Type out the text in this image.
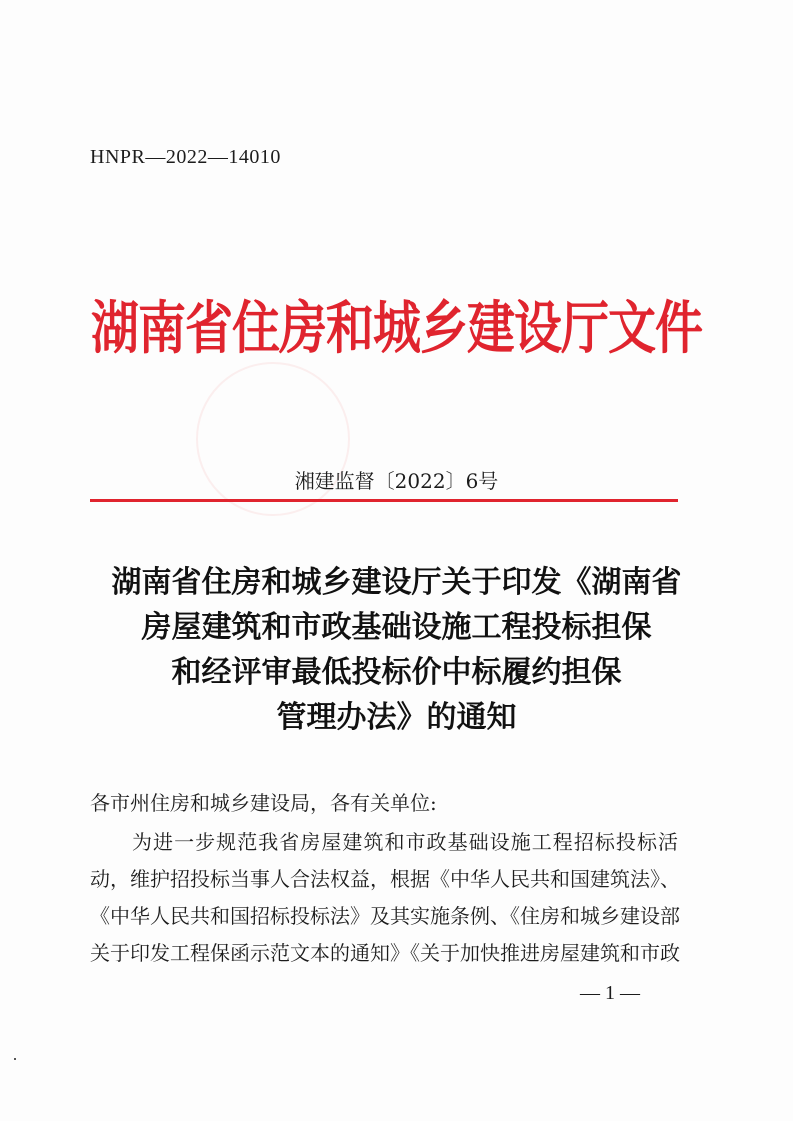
HNPR—2022—14010
湖南省住房和城乡建设厅文件
湘建监督〔2022〕6号
湖南省住房和城乡建设厅关于印发《湖南省
房屋建筑和市政基础设施工程投标担保
和经评审最低投标价中标履约担保
管理办法》的通知
各市州住房和城乡建设局，各有关单位:
为进一步规范我省房屋建筑和市政基础设施工程招标投标活
动，维护招投标当事人合法权益，根据《中华人民共和国建筑法》、
《中华人民共和国招标投标法》及其实施条例、《住房和城乡建设部
关于印发工程保函示范文本的通知》《关于加快推进房屋建筑和市政
— 1 —
